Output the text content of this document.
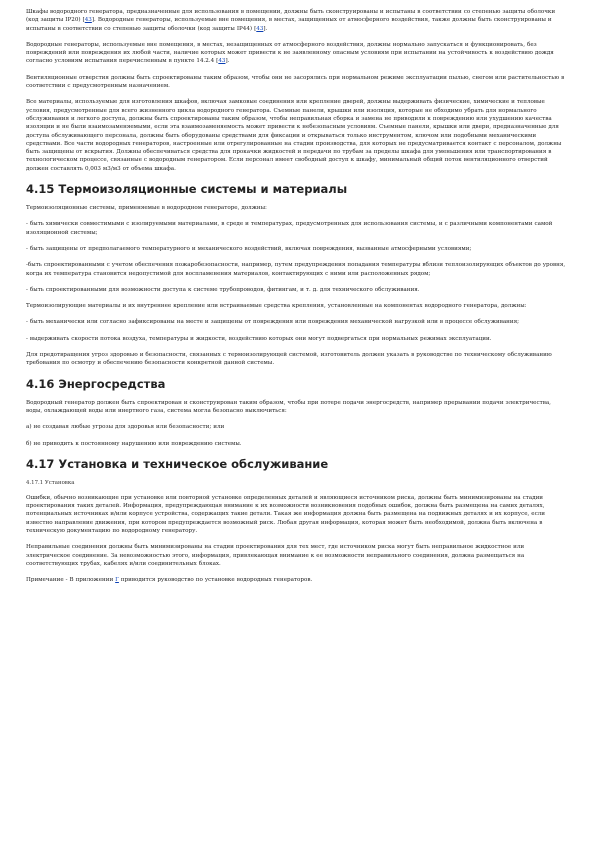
Шкафы водородного генератора, предназначенные для использования в помещении, должны быть сконструированы и испытаны в соответствии со степенью защиты оболочки (код защиты IP20) [43]. Водородные генераторы, используемые вне помещения, в местах, защищенных от атмосферного воздействия, также должны быть сконструированы и испытаны в соответствии со степенью защиты оболочки (код защиты IP44) [43].

Водородные генераторы, используемые вне помещения, в местах, незащищенных от атмосферного воздействия, должны нормально запускаться и функционировать, без повреждений или повреждения их любой части, наличие которых может привести к не заявленному опасным условиям при испытании на устойчивость к воздействию дождя согласно условиям испытания перечисленным в пункте 14.2.4 [43].

Вентиляционные отверстия должны быть спроектированы таким образом, чтобы они не засорялись при нормальном режиме эксплуатации пылью, снегом или растительностью в соответствии с предусмотренным назначением.

Все материалы, используемые для изготовления шкафов, включая замковые соединения или крепление дверей, должны выдерживать физические, химические и тепловые условия, предусмотренные для всего жизненного цикла водородного генератора. Съемные панели, крышки или изоляция, которые не обходимо убрать для нормального обслуживания и легкого доступа, должны быть спроектированы таким образом, чтобы неправильная сборка и замена не приводили к повреждению или ухудшению качества изоляции и не были взаимозаменяемыми, если эта взаимозаменяемость может привести к небезопасным условиям. Съемные панели, крышки или двери, предназначенные для доступа обслуживающего персонала, должны быть оборудованы средствами для фиксации и открываться только инструментом, ключом или подобными механическими средствами. Все части водородных генераторов, настроенные или отрегулированные на стадии производства, для которых не предусматривается контакт с персоналом, должны быть защищены от вскрытия. Должны обеспечиваться средства для прокачки жидкостей и передачи по трубам за пределы шкафа для уменьшения или транспортирования в технологическом процессе, связанные с водородным генератором. Если персонал имеет свободный доступ к шкафу, минимальный общий поток вентиляционного отверстий должен составлять 0,003 м3/м3 от объема шкафа.

4.15 Термоизоляционные системы и материалы

Термоизоляционные системы, применяемые в водородном генераторе, должны:

- быть химически совместимыми с изолируемыми материалами, в среде и температурах, предусмотренных для использования системы, и с различными компонентами самой изоляционной системы;

- быть защищены от предполагаемого температурного и механического воздействий, включая повреждения, вызванные атмосферными условиями;

-быть спроектированными с учетом обеспечения пожаробезопасности, например, путем предупреждения попадания температуры вблизи теплоизолирующих объектов до уровня, когда их температура становится недопустимой для воспламенения материалов, контактирующих с ними или расположенных рядом;

- быть спроектированными для возможности доступа к системе трубопроводов, фитингам, и т. д. для технического обслуживания.

Термоизолирующие материалы и их внутреннее крепление или встраиваемые средства крепления, установленные на компонентах водородного генератора, должны:

- быть механически или согласно зафиксированы на месте и защищены от повреждения или повреждения механической нагрузкой или в процессе обслуживания;

- выдерживать скорости потока воздуха, температуры и жидкости, воздействию которых они могут подвергаться при нормальных режимах эксплуатации.

Для предотвращения угроз здоровью и безопасности, связанных с термоизолирующей системой, изготовитель должен указать в руководстве по техническому обслуживанию требования по осмотру и обеспечению безопасности конкретной данной системы.

4.16 Энергосредства

Водородный генератор должен быть спроектирован и сконструирован таким образом, чтобы при потере подачи энергосредств, например прерывании подачи электричества, воды, охлаждающей воды или инертного газа, система могла безопасно выключиться:

а) не создавая любые угрозы для здоровья или безопасности; или

б) не приводить к постоянному нарушению или повреждению системы.

4.17 Установка и техническое обслуживание

4.17.1 Установка

Ошибки, обычно возникающие при установке или повторной установке определенных деталей и являющиеся источником риска, должны быть минимизированы на стадии проектирования таких деталей. Информация, предупреждающая внимание к их возможности возникновения подобных ошибок, должна быть размещена на самих деталях, потенциальных источниках и/или корпусе устройства, содержащих такие детали. Такая же информация должна быть размещена на подвижных деталях и их корпусе, если известно направление движения, при котором предупреждается возможный риск. Любая другая информация, которая может быть необходимой, должна быть включена в техническую документацию по водородному генератору.

Неправильные соединения должны быть минимизированы на стадии проектирования для тех мест, где источником риска могут быть неправильное жидкостное или электрическое соединение. За невозможностью этого, информация, привлекающая внимание к ее возможности неправильного соединения, должна размещаться на соответствующих трубах, кабелях и/или соединительных блоках.

Примечание - В приложении Г приводится руководство по установке водородных генераторов.
